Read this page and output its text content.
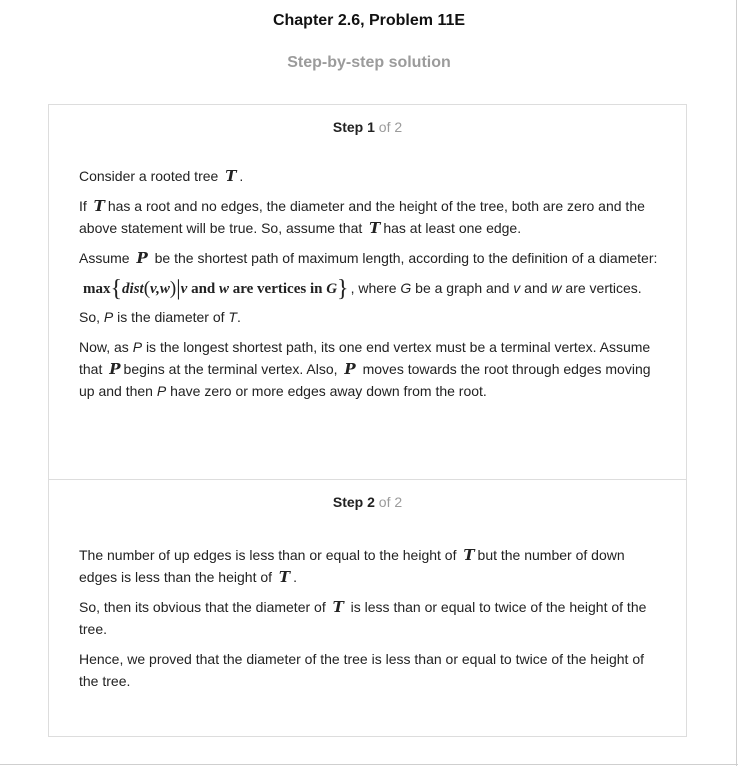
Chapter 2.6, Problem 11E
Step-by-step solution
Step 1 of 2

Consider a rooted tree T .

If T has a root and no edges, the diameter and the height of the tree, both are zero and the above statement will be true. So, assume that T has at least one edge.

Assume P be the shortest path of maximum length, according to the definition of a diameter:

max{dist(v,w)|v and w are vertices in G} , where G be a graph and v and w are vertices.

So, P is the diameter of T.

Now, as P is the longest shortest path, its one end vertex must be a terminal vertex. Assume that P begins at the terminal vertex. Also, P moves towards the root through edges moving up and then P have zero or more edges away down from the root.

Step 2 of 2

The number of up edges is less than or equal to the height of T but the number of down edges is less than the height of T .

So, then its obvious that the diameter of T is less than or equal to twice of the height of the tree.

Hence, we proved that the diameter of the tree is less than or equal to twice of the height of the tree.
